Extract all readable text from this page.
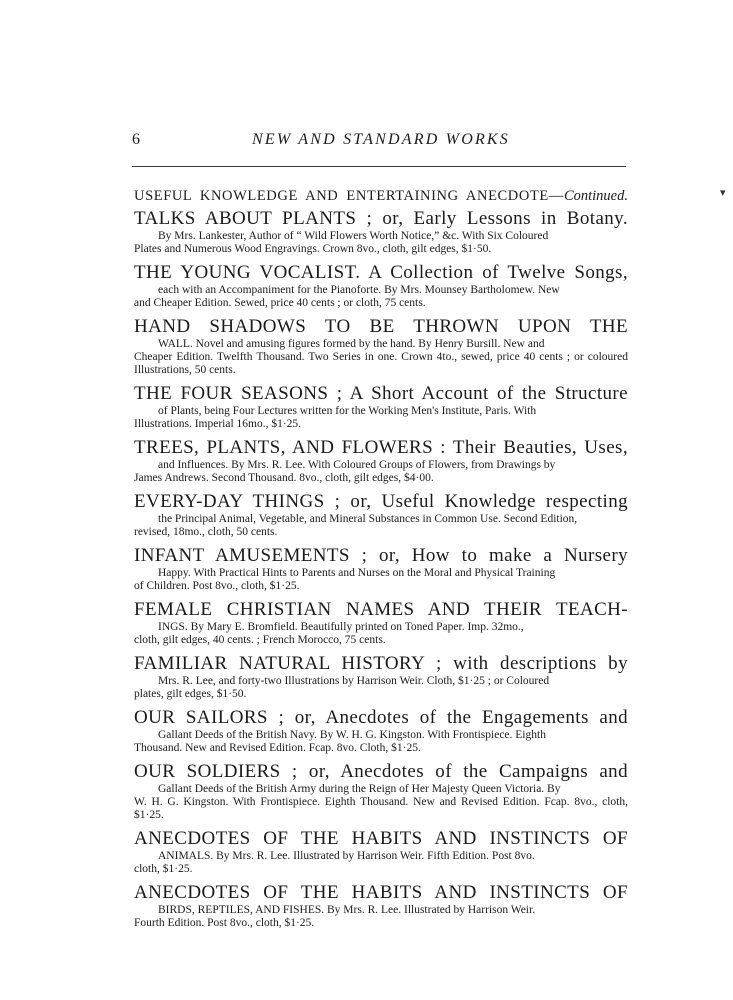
6	NEW AND STANDARD WORKS
▾
USEFUL KNOWLEDGE AND ENTERTAINING ANECDOTE—Continued.
TALKS ABOUT PLANTS ; or, Early Lessons in Botany.
By Mrs. Lankester, Author of “ Wild Flowers Worth Notice,” &c. With Six Coloured
Plates and Numerous Wood Engravings. Crown 8vo., cloth, gilt edges, $1·50.
THE YOUNG VOCALIST. A Collection of Twelve Songs,
each with an Accompaniment for the Pianoforte. By Mrs. Mounsey Bartholomew. New
and Cheaper Edition. Sewed, price 40 cents ; or cloth, 75 cents.
HAND SHADOWS TO BE THROWN UPON THE
WALL. Novel and amusing figures formed by the hand. By Henry Bursill. New and
Cheaper Edition. Twelfth Thousand. Two Series in one. Crown 4to., sewed, price 40 cents ; or coloured Illustrations, 50 cents.
THE FOUR SEASONS ; A Short Account of the Structure
of Plants, being Four Lectures written for the Working Men's Institute, Paris. With
Illustrations. Imperial 16mo., $1·25.
TREES, PLANTS, AND FLOWERS : Their Beauties, Uses,
and Influences. By Mrs. R. Lee. With Coloured Groups of Flowers, from Drawings by
James Andrews. Second Thousand. 8vo., cloth, gilt edges, $4·00.
EVERY-DAY THINGS ; or, Useful Knowledge respecting
the Principal Animal, Vegetable, and Mineral Substances in Common Use. Second Edition,
revised, 18mo., cloth, 50 cents.
INFANT AMUSEMENTS ; or, How to make a Nursery
Happy. With Practical Hints to Parents and Nurses on the Moral and Physical Training
of Children. Post 8vo., cloth, $1·25.
FEMALE CHRISTIAN NAMES AND THEIR TEACH-
INGS. By Mary E. Bromfield. Beautifully printed on Toned Paper. Imp. 32mo.,
cloth, gilt edges, 40 cents. ; French Morocco, 75 cents.
FAMILIAR NATURAL HISTORY ; with descriptions by
Mrs. R. Lee, and forty-two Illustrations by Harrison Weir. Cloth, $1·25 ; or Coloured
plates, gilt edges, $1·50.
OUR SAILORS ; or, Anecdotes of the Engagements and
Gallant Deeds of the British Navy. By W. H. G. Kingston. With Frontispiece. Eighth
Thousand. New and Revised Edition. Fcap. 8vo. Cloth, $1·25.
OUR SOLDIERS ; or, Anecdotes of the Campaigns and
Gallant Deeds of the British Army during the Reign of Her Majesty Queen Victoria. By
W. H. G. Kingston. With Frontispiece. Eighth Thousand. New and Revised Edition. Fcap. 8vo., cloth, $1·25.
ANECDOTES OF THE HABITS AND INSTINCTS OF
ANIMALS. By Mrs. R. Lee. Illustrated by Harrison Weir. Fifth Edition. Post 8vo.
cloth, $1·25.
ANECDOTES OF THE HABITS AND INSTINCTS OF
BIRDS, REPTILES, AND FISHES. By Mrs. R. Lee. Illustrated by Harrison Weir.
Fourth Edition. Post 8vo., cloth, $1·25.
